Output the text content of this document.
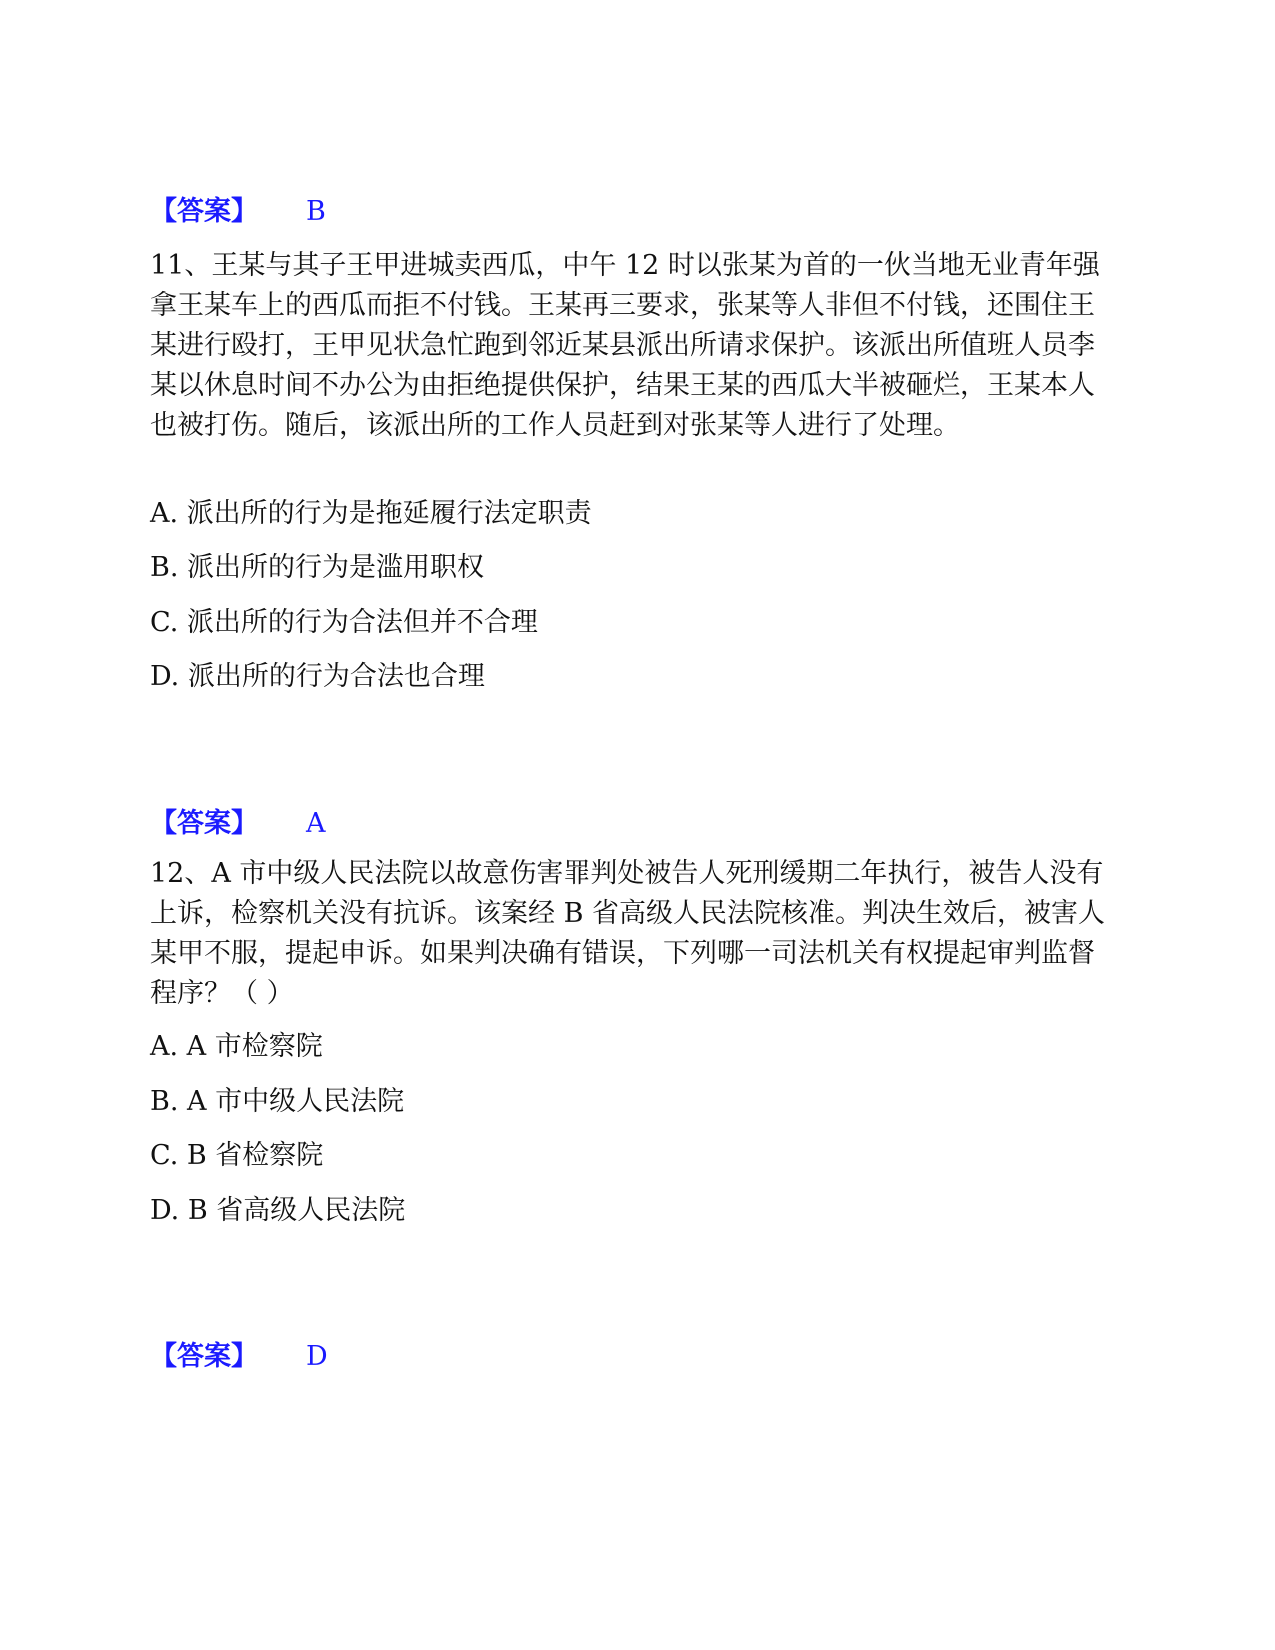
【答案】 B

11、王某与其子王甲进城卖西瓜，中午 12 时以张某为首的一伙当地无业青年强拿王某车上的西瓜而拒不付钱。王某再三要求，张某等人非但不付钱，还围住王某进行殴打，王甲见状急忙跑到邻近某县派出所请求保护。该派出所值班人员李某以休息时间不办公为由拒绝提供保护，结果王某的西瓜大半被砸烂，王某本人也被打伤。随后，该派出所的工作人员赶到对张某等人进行了处理。

A. 派出所的行为是拖延履行法定职责
B. 派出所的行为是滥用职权
C. 派出所的行为合法但并不合理
D. 派出所的行为合法也合理
【答案】 A

12、A 市中级人民法院以故意伤害罪判处被告人死刑缓期二年执行，被告人没有上诉，检察机关没有抗诉。该案经 B 省高级人民法院核准。判决生效后，被害人某甲不服，提起申诉。如果判决确有错误，下列哪一司法机关有权提起审判监督程序？（ ）

A. A 市检察院
B. A 市中级人民法院
C. B 省检察院
D. B 省高级人民法院
【答案】 D
